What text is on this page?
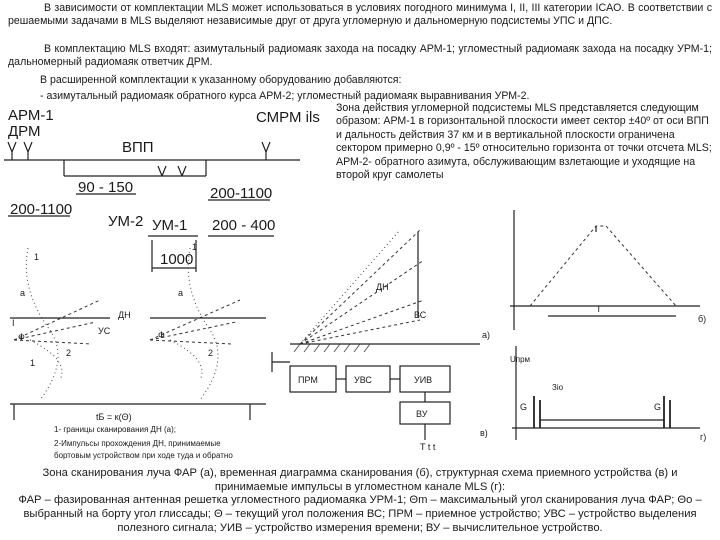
В зависимости от комплектации MLS может использоваться в условиях погодного минимума I, II, III категории ICAO. В соответствии с решаемыми задачами в MLS выделяют независимые друг от друга угломерную и дальномерную подсистемы УПС и ДПС.

В комплектацию MLS входят: азимутальный радиомаяк захода на посадку АРМ-1; угломестный радиомаяк захода на посадку УРМ-1; дальномерный радиомаяк ответчик ДРМ.

В расширенной комплектации к указанному оборудованию добавляются:

- азимутальный радиомаяк обратного курса АРМ-2; угломестный радиомаяк выравнивания УРМ-2.

Зона действия угломерной подсистемы MLS представляется следующим образом: АРМ-1 в горизонтальной плоскости имеет сектор ±40º от оси ВПП и дальность действия 37 км и в вертикальной плоскости ограничена сектором примерно 0,9º - 15º относительно горизонта от точки отсчета MLS; АРМ-2- обратного азимута, обслуживающим взлетающие и уходящие на второй круг самолеты

АРМ-1
ДРМ
СМРМ ils
ВПП
90 - 150
200-1100
200-1100
УМ-2 УМ-1 200 - 400
1000
1
а	а
ДН
УС
1
1
2	2
Ф	Ф
I
tБ = к(Θ)
1- границы сканирования ДН (а);
2-Импульсы прохождения ДН, принимаемые
бортовым устройством при ходе туда и обратно
ДН
ВС
а)
б)
в)	г)
ПРМ	УВС	УИВ
ВУ
T t t
T
Uпрм
G	G
Зio

Зона сканирования луча ФАР (а), временная диаграмма сканирования (б), структурная схема приемного устройства (в) и принимаемые импульсы в угломестном канале MLS (г):

ФАР – фазированная антенная решетка угломестного радиомаяка УРМ-1; Θm – максимальный угол сканирования луча ФАР; Θo – выбранный на борту угол глиссады; Θ – текущий угол положения ВС; ПРМ – приемное устройство; УВС – устройство выделения полезного сигнала; УИВ – устройство измерения времени; ВУ – вычислительное устройство.
